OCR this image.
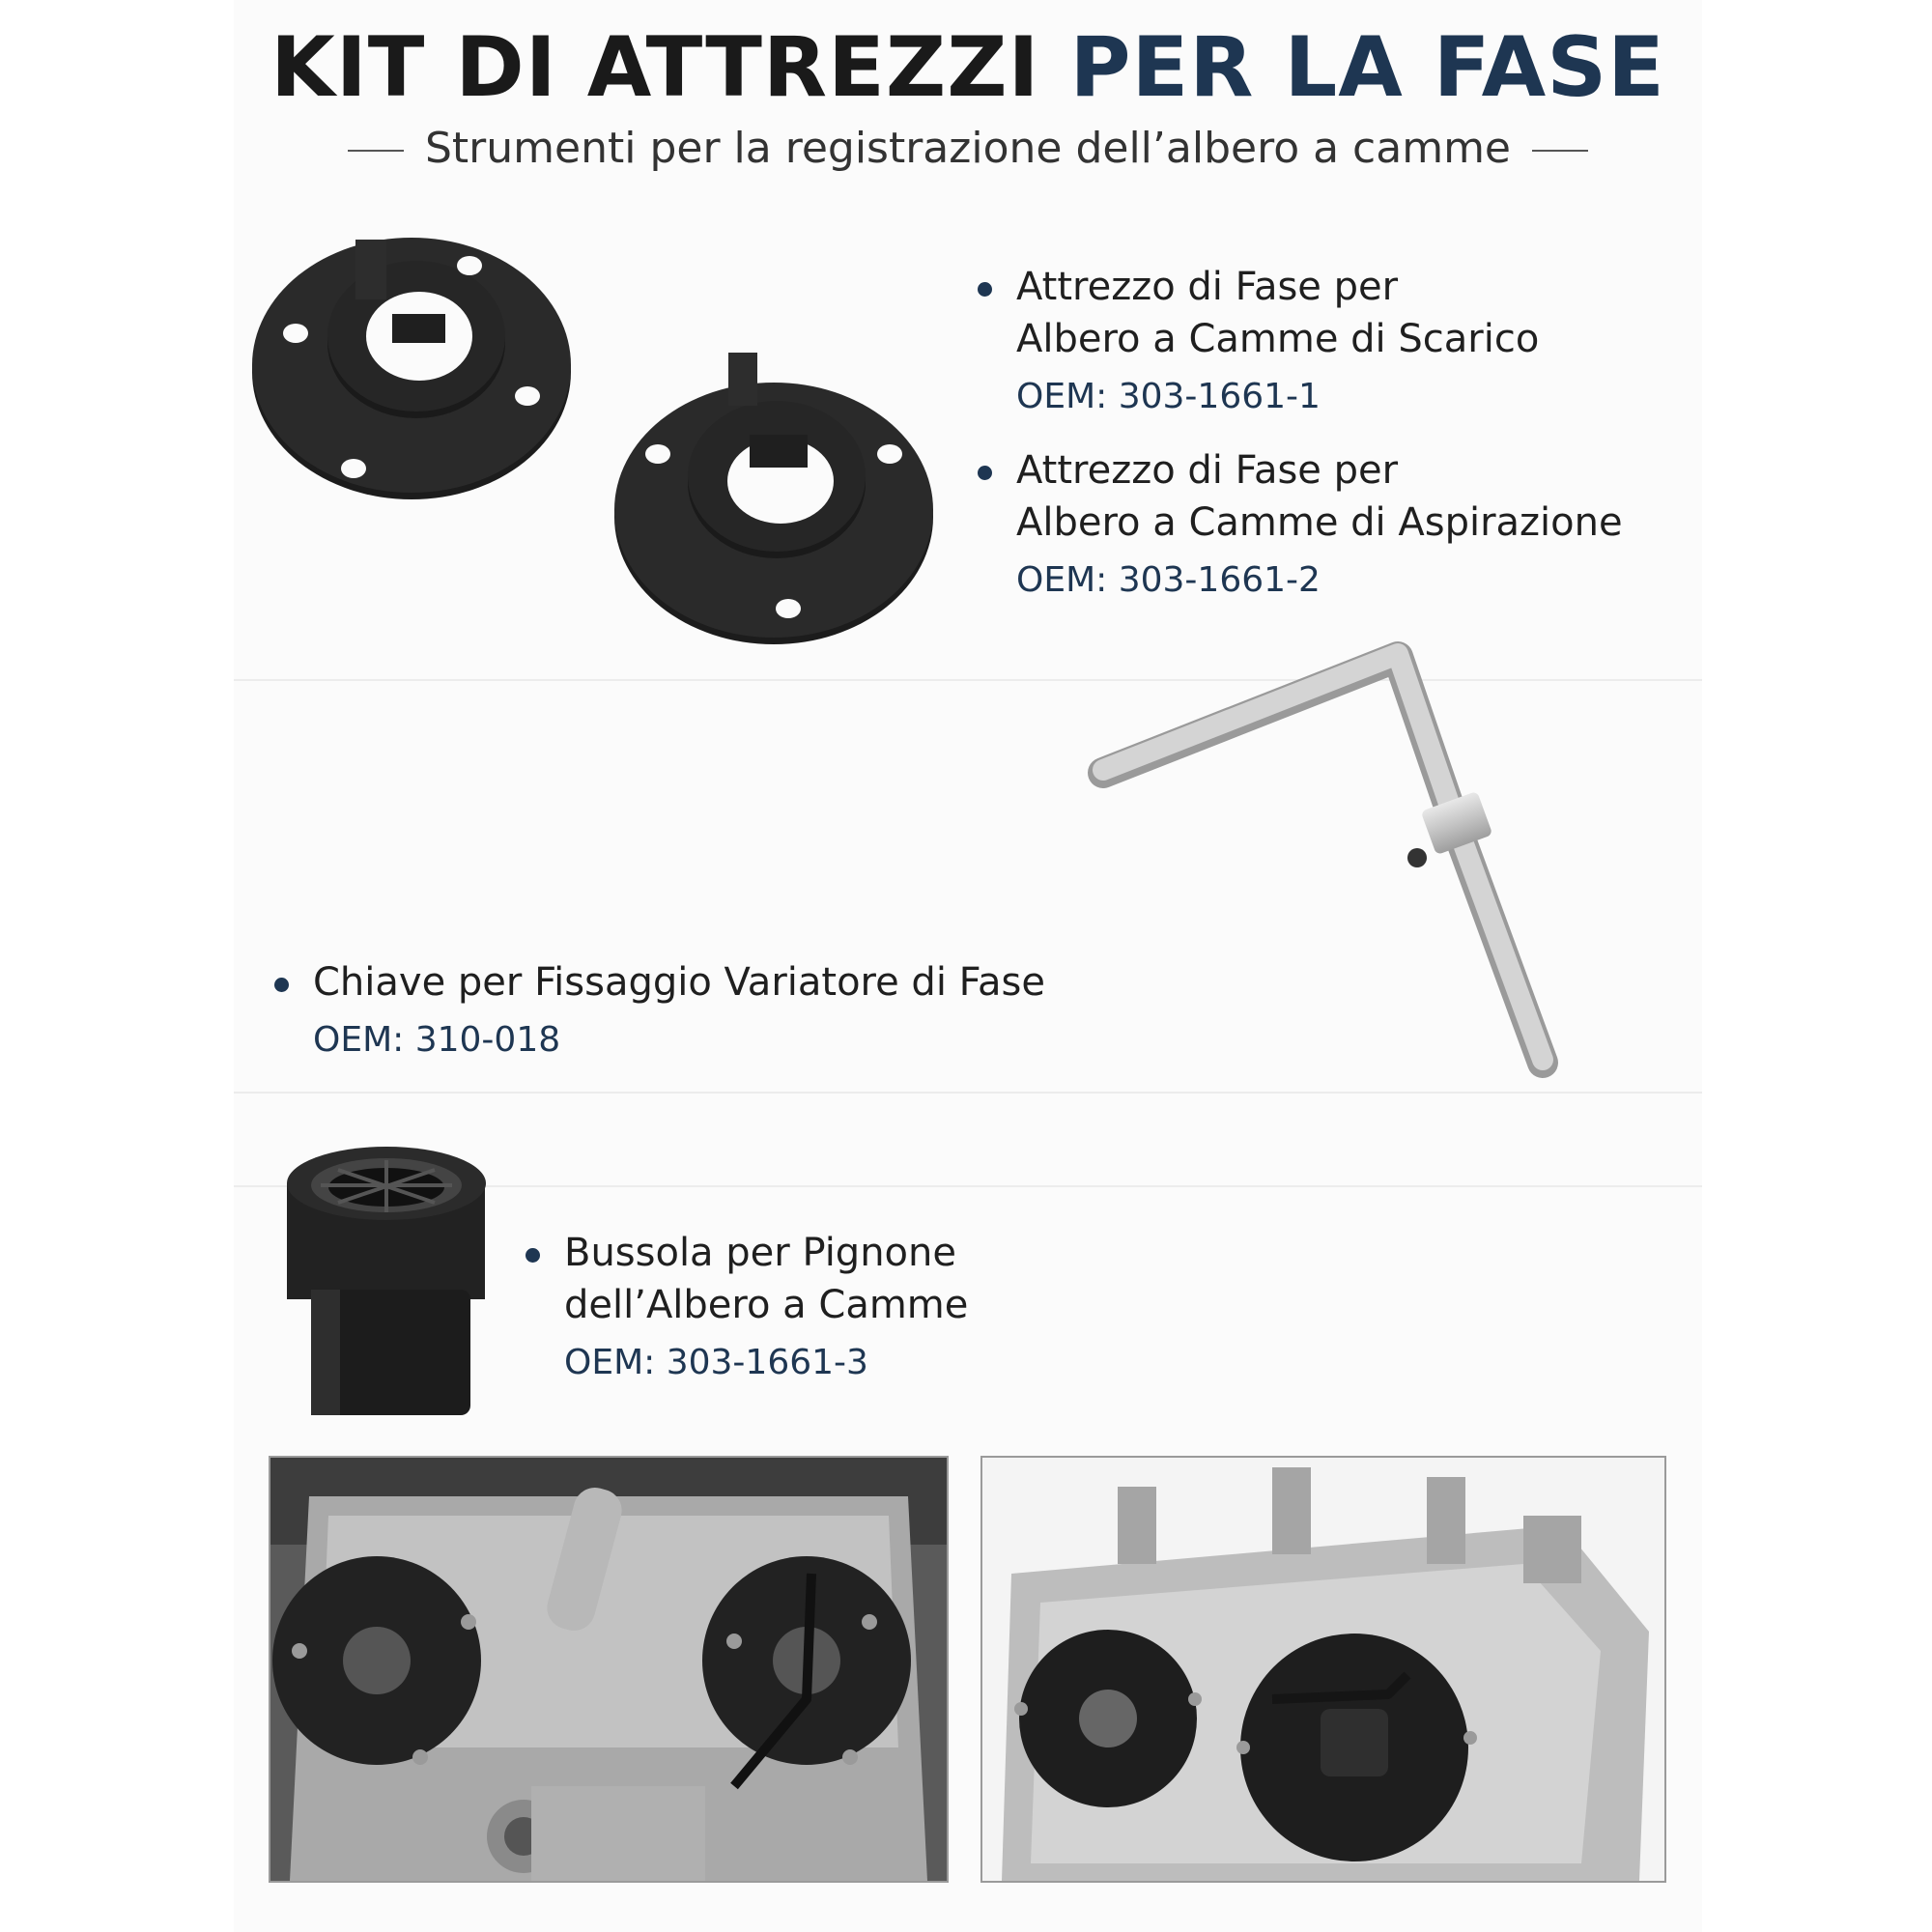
KIT DI ATTREZZI PER LA FASE
Strumenti per la registrazione dell’albero a camme
Attrezzo di Fase per
Albero a Camme di Scarico
OEM: 303-1661-1
Attrezzo di Fase per
Albero a Camme di Aspirazione
OEM: 303-1661-2
Chiave per Fissaggio Variatore di Fase
OEM: 310-018
Bussola per Pignone
dell’Albero a Camme
OEM: 303-1661-3
